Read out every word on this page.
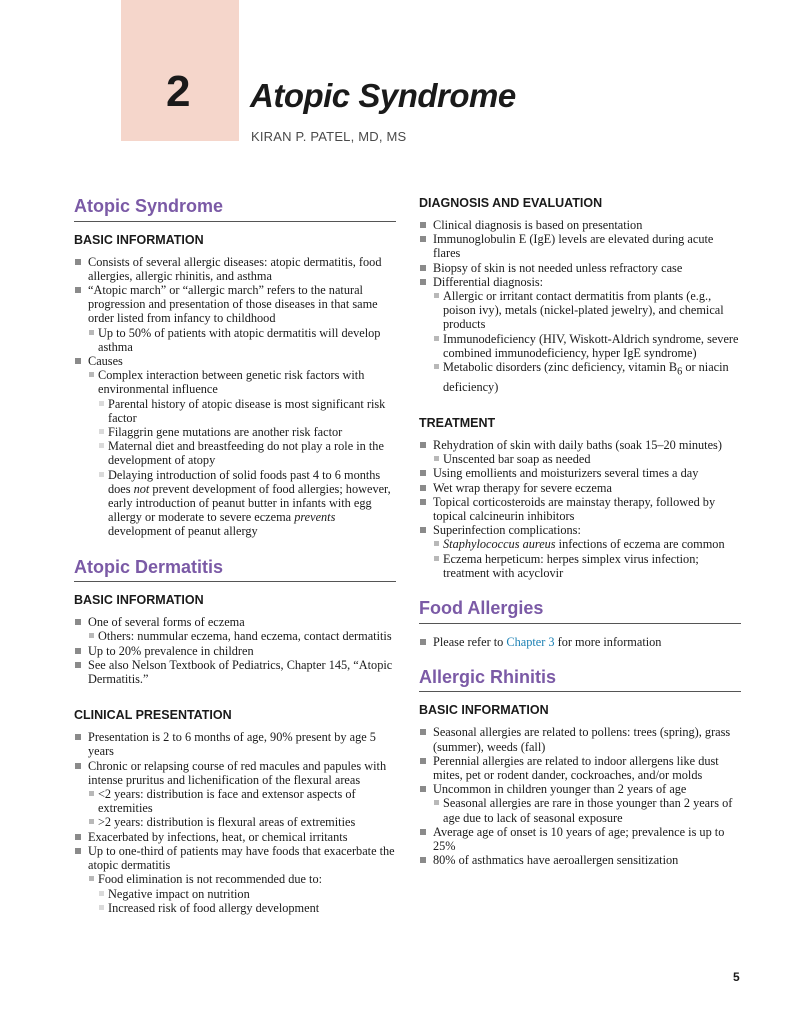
2 Atopic Syndrome
KIRAN P. PATEL, MD, MS
Atopic Syndrome
BASIC INFORMATION
Consists of several allergic diseases: atopic dermatitis, food allergies, allergic rhinitis, and asthma
“Atopic march” or “allergic march” refers to the natural progression and presentation of those diseases in that same order listed from infancy to childhood
Up to 50% of patients with atopic dermatitis will develop asthma
Causes
Complex interaction between genetic risk factors with environmental influence
Parental history of atopic disease is most significant risk factor
Filaggrin gene mutations are another risk factor
Maternal diet and breastfeeding do not play a role in the development of atopy
Delaying introduction of solid foods past 4 to 6 months does not prevent development of food allergies; however, early introduction of peanut butter in infants with egg allergy or moderate to severe eczema prevents development of peanut allergy
Atopic Dermatitis
BASIC INFORMATION
One of several forms of eczema
Others: nummular eczema, hand eczema, contact dermatitis
Up to 20% prevalence in children
See also Nelson Textbook of Pediatrics, Chapter 145, “Atopic Dermatitis.”
CLINICAL PRESENTATION
Presentation is 2 to 6 months of age, 90% present by age 5 years
Chronic or relapsing course of red macules and papules with intense pruritus and lichenification of the flexural areas
<2 years: distribution is face and extensor aspects of extremities
>2 years: distribution is flexural areas of extremities
Exacerbated by infections, heat, or chemical irritants
Up to one-third of patients may have foods that exacerbate the atopic dermatitis
Food elimination is not recommended due to:
Negative impact on nutrition
Increased risk of food allergy development
DIAGNOSIS AND EVALUATION
Clinical diagnosis is based on presentation
Immunoglobulin E (IgE) levels are elevated during acute flares
Biopsy of skin is not needed unless refractory case
Differential diagnosis:
Allergic or irritant contact dermatitis from plants (e.g., poison ivy), metals (nickel-plated jewelry), and chemical products
Immunodeficiency (HIV, Wiskott-Aldrich syndrome, severe combined immunodeficiency, hyper IgE syndrome)
Metabolic disorders (zinc deficiency, vitamin $B_6$ or niacin deficiency)
TREATMENT
Rehydration of skin with daily baths (soak 15–20 minutes)
Unscented bar soap as needed
Using emollients and moisturizers several times a day
Wet wrap therapy for severe eczema
Topical corticosteroids are mainstay therapy, followed by topical calcineurin inhibitors
Superinfection complications:
Staphylococcus aureus infections of eczema are common
Eczema herpeticum: herpes simplex virus infection; treatment with acyclovir
Food Allergies
Please refer to Chapter 3 for more information
Allergic Rhinitis
BASIC INFORMATION
Seasonal allergies are related to pollens: trees (spring), grass (summer), weeds (fall)
Perennial allergies are related to indoor allergens like dust mites, pet or rodent dander, cockroaches, and/or molds
Uncommon in children younger than 2 years of age
Seasonal allergies are rare in those younger than 2 years of age due to lack of seasonal exposure
Average age of onset is 10 years of age; prevalence is up to 25%
80% of asthmatics have aeroallergen sensitization
5
